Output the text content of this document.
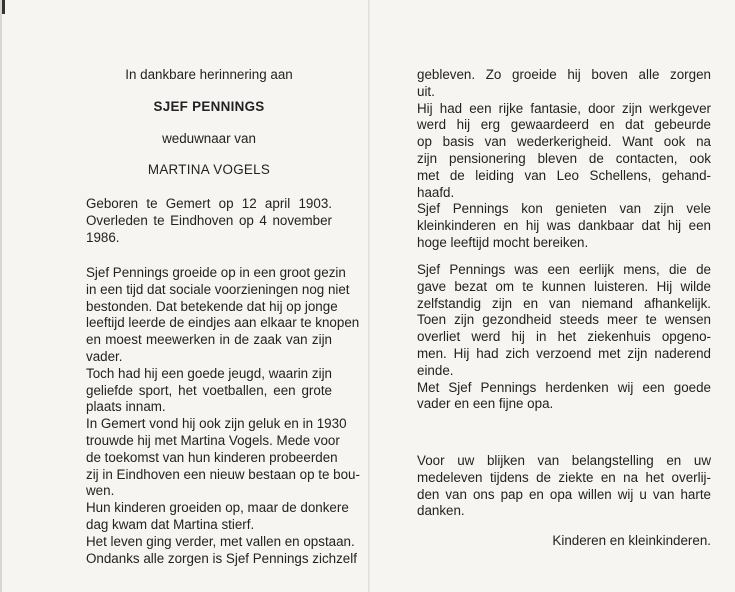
In dankbare herinnering aan
SJEF PENNINGS
weduwnaar van
MARTINA VOGELS
Geboren te Gemert op 12 april 1903.
Overleden te Eindhoven op 4 november
1986.
Sjef Pennings groeide op in een groot gezin
in een tijd dat sociale voorzieningen nog niet
bestonden. Dat betekende dat hij op jonge
leeftijd leerde de eindjes aan elkaar te knopen
en moest meewerken in de zaak van zijn
vader.
Toch had hij een goede jeugd, waarin zijn
geliefde sport, het voetballen, een grote
plaats innam.
In Gemert vond hij ook zijn geluk en in 1930
trouwde hij met Martina Vogels. Mede voor
de toekomst van hun kinderen probeerden
zij in Eindhoven een nieuw bestaan op te bou-
wen.
Hun kinderen groeiden op, maar de donkere
dag kwam dat Martina stierf.
Het leven ging verder, met vallen en opstaan.
Ondanks alle zorgen is Sjef Pennings zichzelf
gebleven. Zo groeide hij boven alle zorgen
uit.
Hij had een rijke fantasie, door zijn werkgever
werd hij erg gewaardeerd en dat gebeurde
op basis van wederkerigheid. Want ook na
zijn pensionering bleven de contacten, ook
met de leiding van Leo Schellens, gehand-
haafd.
Sjef Pennings kon genieten van zijn vele
kleinkinderen en hij was dankbaar dat hij een
hoge leeftijd mocht bereiken.
Sjef Pennings was een eerlijk mens, die de
gave bezat om te kunnen luisteren. Hij wilde
zelfstandig zijn en van niemand afhankelijk.
Toen zijn gezondheid steeds meer te wensen
overliet werd hij in het ziekenhuis opgeno-
men. Hij had zich verzoend met zijn naderend
einde.
Met Sjef Pennings herdenken wij een goede
vader en een fijne opa.
Voor uw blijken van belangstelling en uw
medeleven tijdens de ziekte en na het overlij-
den van ons pap en opa willen wij u van harte
danken.
Kinderen en kleinkinderen.
